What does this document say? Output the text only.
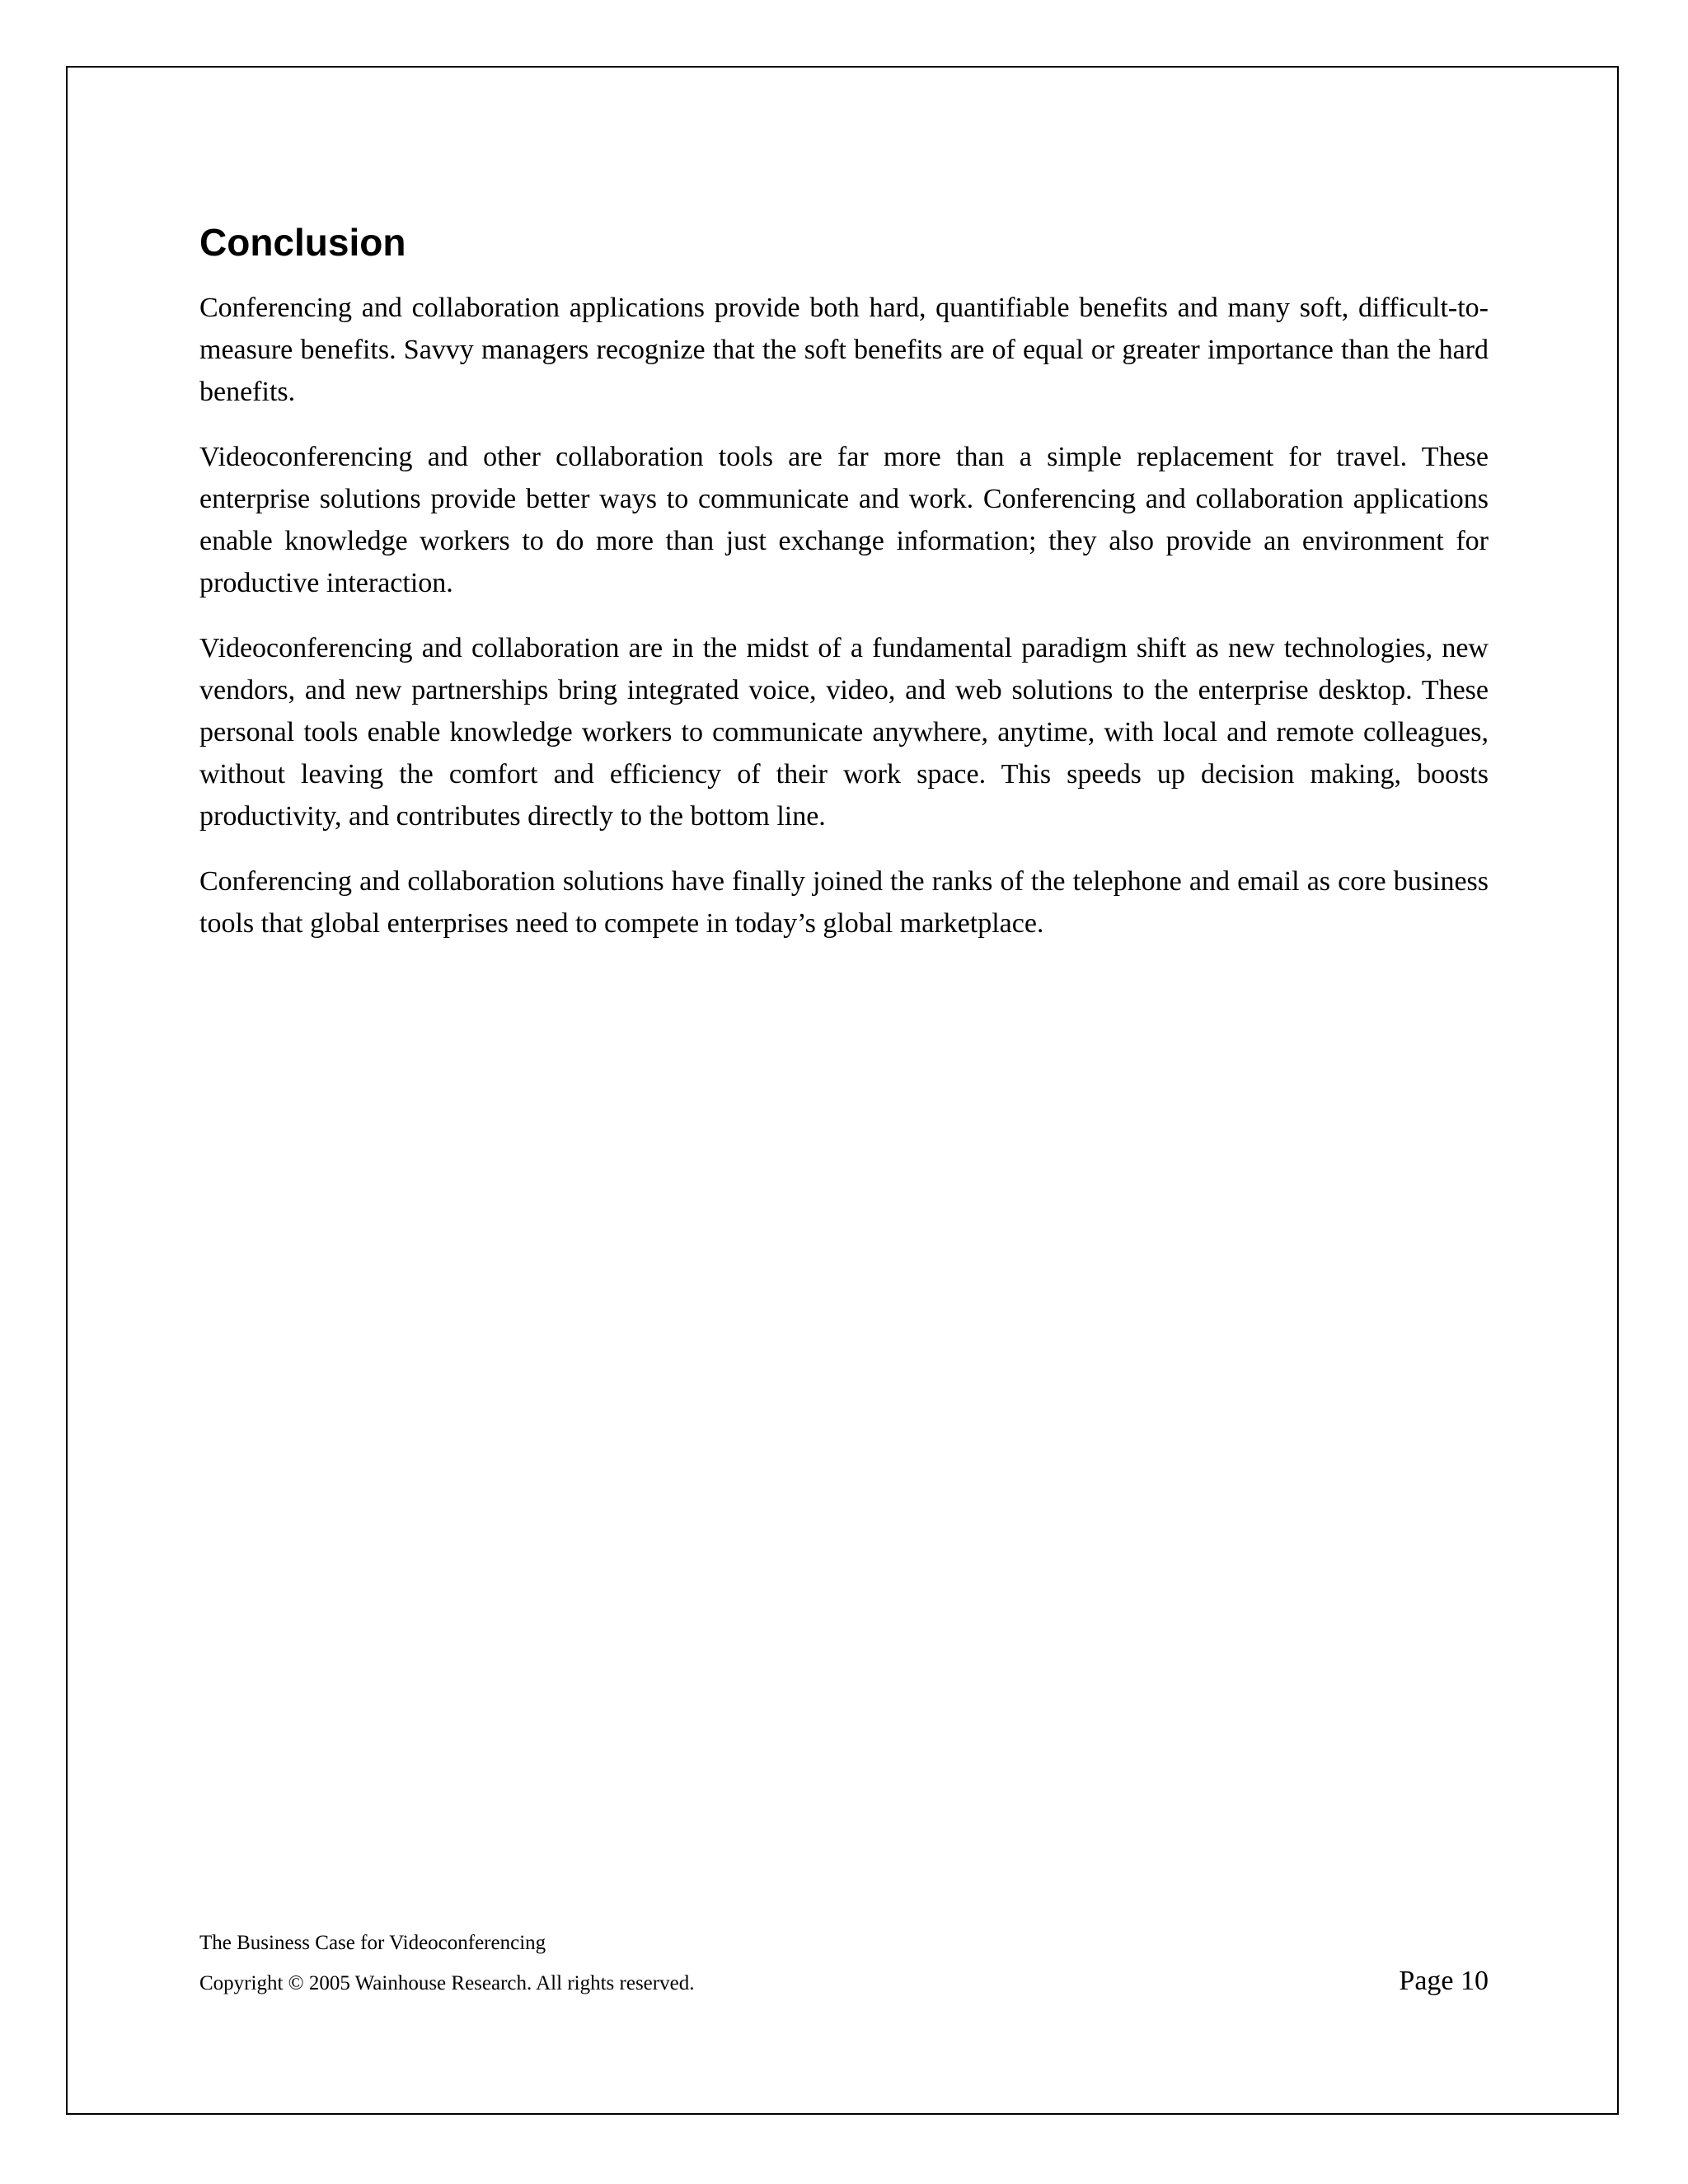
Conclusion

Conferencing and collaboration applications provide both hard, quantifiable benefits and many soft, difficult-to-measure benefits. Savvy managers recognize that the soft benefits are of equal or greater importance than the hard benefits.

Videoconferencing and other collaboration tools are far more than a simple replacement for travel. These enterprise solutions provide better ways to communicate and work. Conferencing and collaboration applications enable knowledge workers to do more than just exchange information; they also provide an environment for productive interaction.

Videoconferencing and collaboration are in the midst of a fundamental paradigm shift as new technologies, new vendors, and new partnerships bring integrated voice, video, and web solutions to the enterprise desktop. These personal tools enable knowledge workers to communicate anywhere, anytime, with local and remote colleagues, without leaving the comfort and efficiency of their work space. This speeds up decision making, boosts productivity, and contributes directly to the bottom line.

Conferencing and collaboration solutions have finally joined the ranks of the telephone and email as core business tools that global enterprises need to compete in today’s global marketplace.

The Business Case for Videoconferencing
Copyright © 2005 Wainhouse Research. All rights reserved.	Page 10
